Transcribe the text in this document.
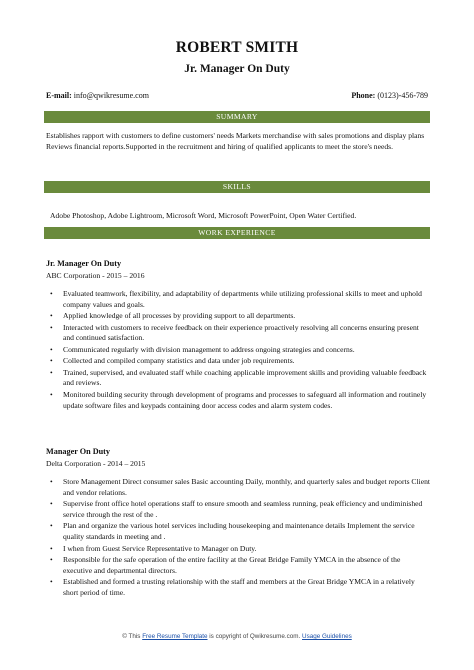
ROBERT SMITH
Jr. Manager On Duty
E-mail: info@qwikresume.com	Phone: (0123)-456-789
SUMMARY
Establishes rapport with customers to define customers' needs Markets merchandise with sales promotions and display plans Reviews financial reports.Supported in the recruitment and hiring of qualified applicants to meet the store's needs.
SKILLS
Adobe Photoshop, Adobe Lightroom, Microsoft Word, Microsoft PowerPoint, Open Water Certified.
WORK EXPERIENCE
Jr. Manager On Duty
ABC Corporation - 2015 – 2016
• Evaluated teamwork, flexibility, and adaptability of departments while utilizing professional skills to meet and uphold company values and goals.
• Applied knowledge of all processes by providing support to all departments.
• Interacted with customers to receive feedback on their experience proactively resolving all concerns ensuring present and continued satisfaction.
• Communicated regularly with division management to address ongoing strategies and concerns.
• Collected and compiled company statistics and data under job requirements.
• Trained, supervised, and evaluated staff while coaching applicable improvement skills and providing valuable feedback and reviews.
• Monitored building security through development of programs and processes to safeguard all information and routinely update software files and keypads containing door access codes and alarm system codes.
Manager On Duty
Delta Corporation - 2014 – 2015
• Store Management Direct consumer sales Basic accounting Daily, monthly, and quarterly sales and budget reports Client and vendor relations.
• Supervise front office hotel operations staff to ensure smooth and seamless running, peak efficiency and undiminished service through the rest of the .
• Plan and organize the various hotel services including housekeeping and maintenance details Implement the service quality standards in meeting and .
• I when from Guest Service Representative to Manager on Duty.
• Responsible for the safe operation of the entire facility at the Great Bridge Family YMCA in the absence of the executive and departmental directors.
• Established and formed a trusting relationship with the staff and members at the Great Bridge YMCA in a relatively short period of time.
© This Free Resume Template is copyright of Qwikresume.com. Usage Guidelines
